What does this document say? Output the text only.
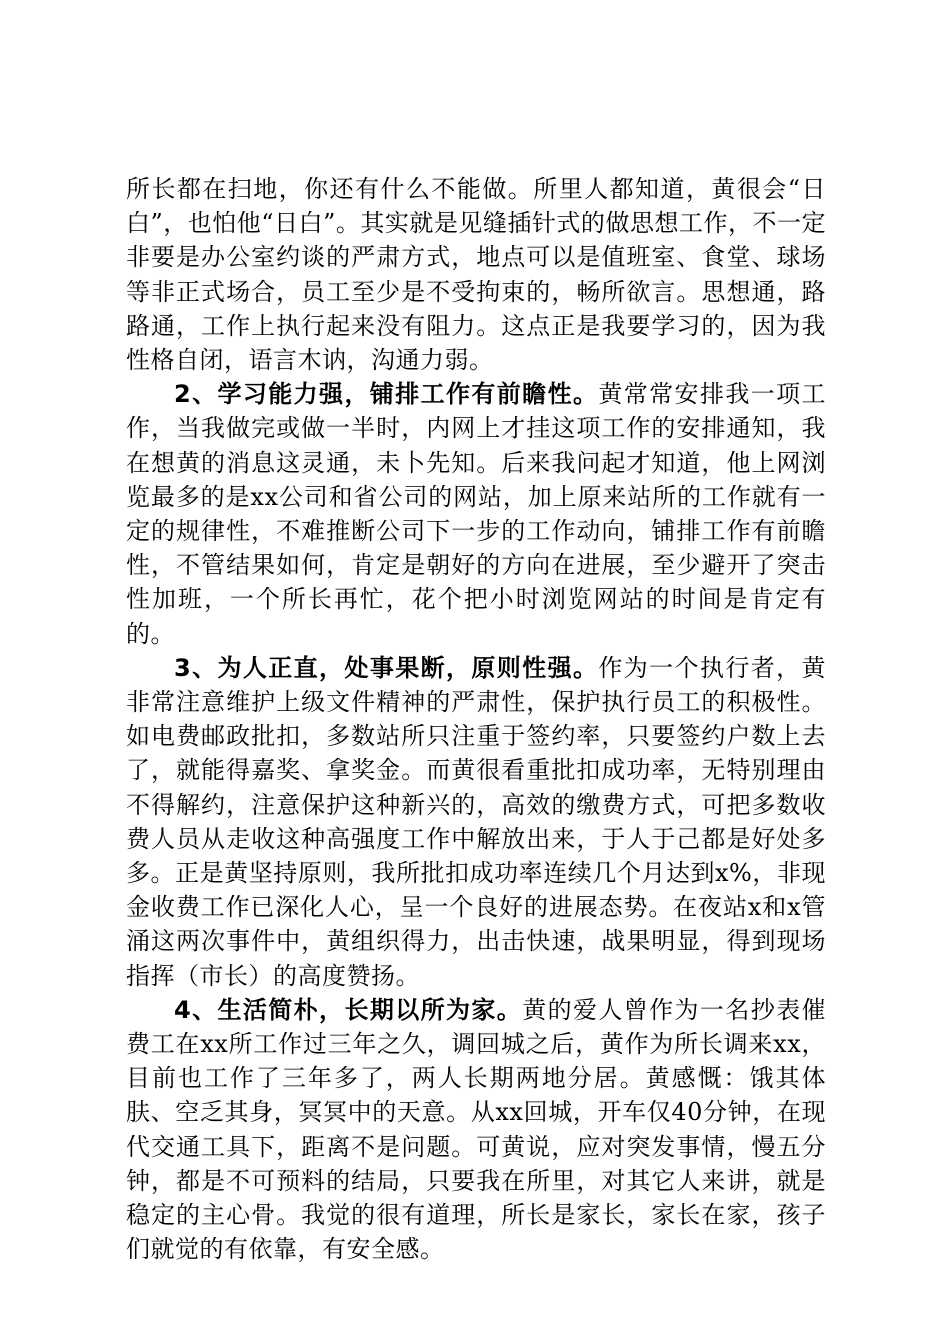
所长都在扫地，你还有什么不能做。所里人都知道，黄很会“日白”，也怕他“日白”。其实就是见缝插针式的做思想工作，不一定非要是办公室约谈的严肃方式，地点可以是值班室、食堂、球场等非正式场合，员工至少是不受拘束的，畅所欲言。思想通，路路通，工作上执行起来没有阻力。这点正是我要学习的，因为我性格自闭，语言木讷，沟通力弱。

2、学习能力强，铺排工作有前瞻性。黄常常安排我一项工作，当我做完或做一半时，内网上才挂这项工作的安排通知，我在想黄的消息这灵通，未卜先知。后来我问起才知道，他上网浏览最多的是xx公司和省公司的网站，加上原来站所的工作就有一定的规律性，不难推断公司下一步的工作动向，铺排工作有前瞻性，不管结果如何，肯定是朝好的方向在进展，至少避开了突击性加班，一个所长再忙，花个把小时浏览网站的时间是肯定有的。

3、为人正直，处事果断，原则性强。作为一个执行者，黄非常注意维护上级文件精神的严肃性，保护执行员工的积极性。如电费邮政批扣，多数站所只注重于签约率，只要签约户数上去了，就能得嘉奖、拿奖金。而黄很看重批扣成功率，无特别理由不得解约，注意保护这种新兴的，高效的缴费方式，可把多数收费人员从走收这种高强度工作中解放出来，于人于己都是好处多多。正是黄坚持原则，我所批扣成功率连续几个月达到x%，非现金收费工作已深化人心，呈一个良好的进展态势。在夜站x和x管涌这两次事件中，黄组织得力，出击快速，战果明显，得到现场指挥（市长）的高度赞扬。

4、生活简朴，长期以所为家。黄的爱人曾作为一名抄表催费工在xx所工作过三年之久，调回城之后，黄作为所长调来xx，目前也工作了三年多了，两人长期两地分居。黄感慨：饿其体肤、空乏其身，冥冥中的天意。从xx回城，开车仅40分钟，在现代交通工具下，距离不是问题。可黄说，应对突发事情，慢五分钟，都是不可预料的结局，只要我在所里，对其它人来讲，就是稳定的主心骨。我觉的很有道理，所长是家长，家长在家，孩子们就觉的有依靠，有安全感。
